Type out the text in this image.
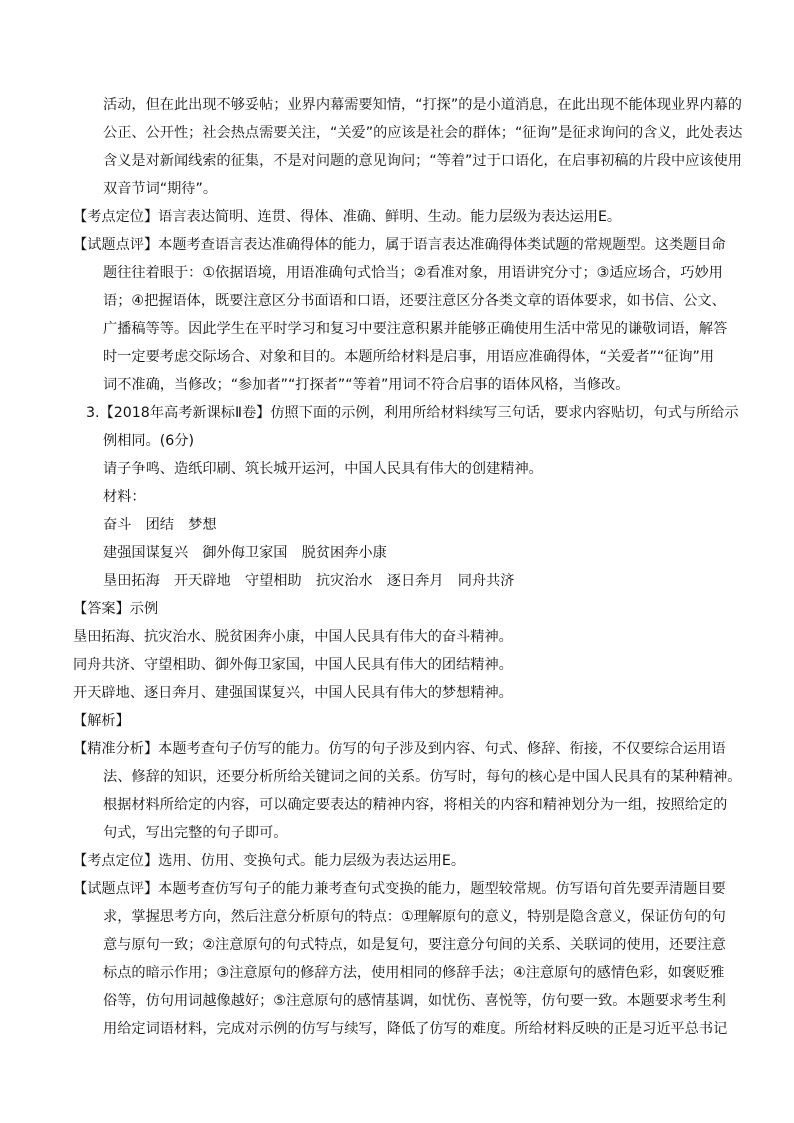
活动，但在此出现不够妥帖；业界内幕需要知情，“打探”的是小道消息，在此出现不能体现业界内幕的
公正、公开性；社会热点需要关注，“关爱”的应该是社会的群体；“征询”是征求询问的含义，此处表达
含义是对新闻线索的征集，不是对问题的意见询问；“等着”过于口语化，在启事初稿的片段中应该使用
双音节词“期待”。
【考点定位】语言表达简明、连贯、得体、准确、鲜明、生动。能力层级为表达运用E。
【试题点评】本题考查语言表达准确得体的能力，属于语言表达准确得体类试题的常规题型。这类题目命
题往往着眼于：①依据语境，用语准确句式恰当；②看准对象，用语讲究分寸；③适应场合，巧妙用
语；④把握语体，既要注意区分书面语和口语，还要注意区分各类文章的语体要求，如书信、公文、
广播稿等等。因此学生在平时学习和复习中要注意积累并能够正确使用生活中常见的谦敬词语，解答
时一定要考虑交际场合、对象和目的。本题所给材料是启事，用语应准确得体，“关爱者”“征询”用
词不准确，当修改；“参加者”“打探者”“等着”用词不符合启事的语体风格，当修改。
3.【2018年高考新课标Ⅱ卷】仿照下面的示例，利用所给材料续写三句话，要求内容贴切，句式与所给示
例相同。(6分)
请子争鸣、造纸印刷、筑长城开运河，中国人民具有伟大的创建精神。
材料：
奋斗　团结　梦想
建强国谋复兴　御外侮卫家国　脱贫困奔小康
垦田拓海　开天辟地　守望相助　抗灾治水　逐日奔月　同舟共济
【答案】示例
垦田拓海、抗灾治水、脱贫困奔小康，中国人民具有伟大的奋斗精神。
同舟共济、守望相助、御外侮卫家国，中国人民具有伟大的团结精神。
开天辟地、逐日奔月、建强国谋复兴，中国人民具有伟大的梦想精神。
【解析】
【精准分析】本题考查句子仿写的能力。仿写的句子涉及到内容、句式、修辞、衔接，不仅要综合运用语
法、修辞的知识，还要分析所给关键词之间的关系。仿写时，每句的核心是中国人民具有的某种精神。
根据材料所给定的内容，可以确定要表达的精神内容，将相关的内容和精神划分为一组，按照给定的
句式，写出完整的句子即可。
【考点定位】选用、仿用、变换句式。能力层级为表达运用E。
【试题点评】本题考查仿写句子的能力兼考查句式变换的能力，题型较常规。仿写语句首先要弄清题目要
求，掌握思考方向，然后注意分析原句的特点：①理解原句的意义，特别是隐含意义，保证仿句的句
意与原句一致；②注意原句的句式特点，如是复句，要注意分句间的关系、关联词的使用，还要注意
标点的暗示作用；③注意原句的修辞方法，使用相同的修辞手法；④注意原句的感情色彩，如褒贬雅
俗等，仿句用词越像越好；⑤注意原句的感情基调，如忧伤、喜悦等，仿句要一致。本题要求考生利
用给定词语材料，完成对示例的仿写与续写，降低了仿写的难度。所给材料反映的正是习近平总书记
